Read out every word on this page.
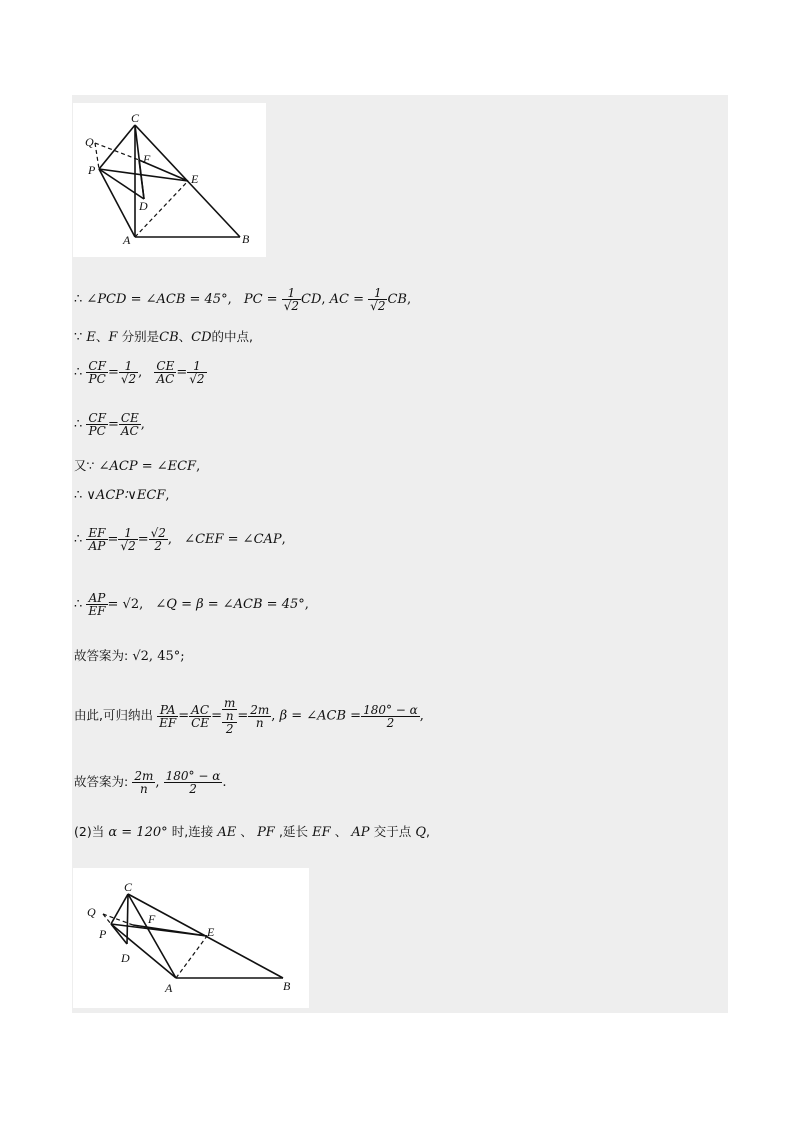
C
Q
F
P
E
D
A	B
∴ ∠PCD = ∠ACB = 45°, PC = $\frac{1}{√2}$ CD, AC = $\frac{1}{√2}$ CB,
∵ E、F 分别是CB、CD的中点,
∴ $\frac{CF}{PC} = \frac{1}{√2}$ , $\frac{CE}{AC} = \frac{1}{√2}$
∴ $\frac{CF}{PC} = \frac{CE}{AC}$ ,
又∵ ∠ACP = ∠ECF,
∴ ∨ACP∶∨ECF,
∴ $\frac{EF}{AP} = \frac{1}{√2} = \frac{√2}{2}$ , ∠CEF = ∠CAP,
∴ $\frac{AP}{EF} = √2$, ∠Q = β = ∠ACB = 45°,
故答案为: √2, 45°;
由此,可归纳出 $\frac{PA}{EF} = \frac{AC}{CE}$ =
m
n
2
= $\frac{2m}{n}$ , β = ∠ACB = $\frac{180^\circ - \alpha}{2}$ ,
故答案为: $\frac{2m}{n}$ , $\frac{180^\circ - \alpha}{2}$ .
(2)当 α = 120° 时,连接 AE 、 PF ,延长 EF 、 AP 交于点 Q,
C
Q	F
P	E
D
A	B
